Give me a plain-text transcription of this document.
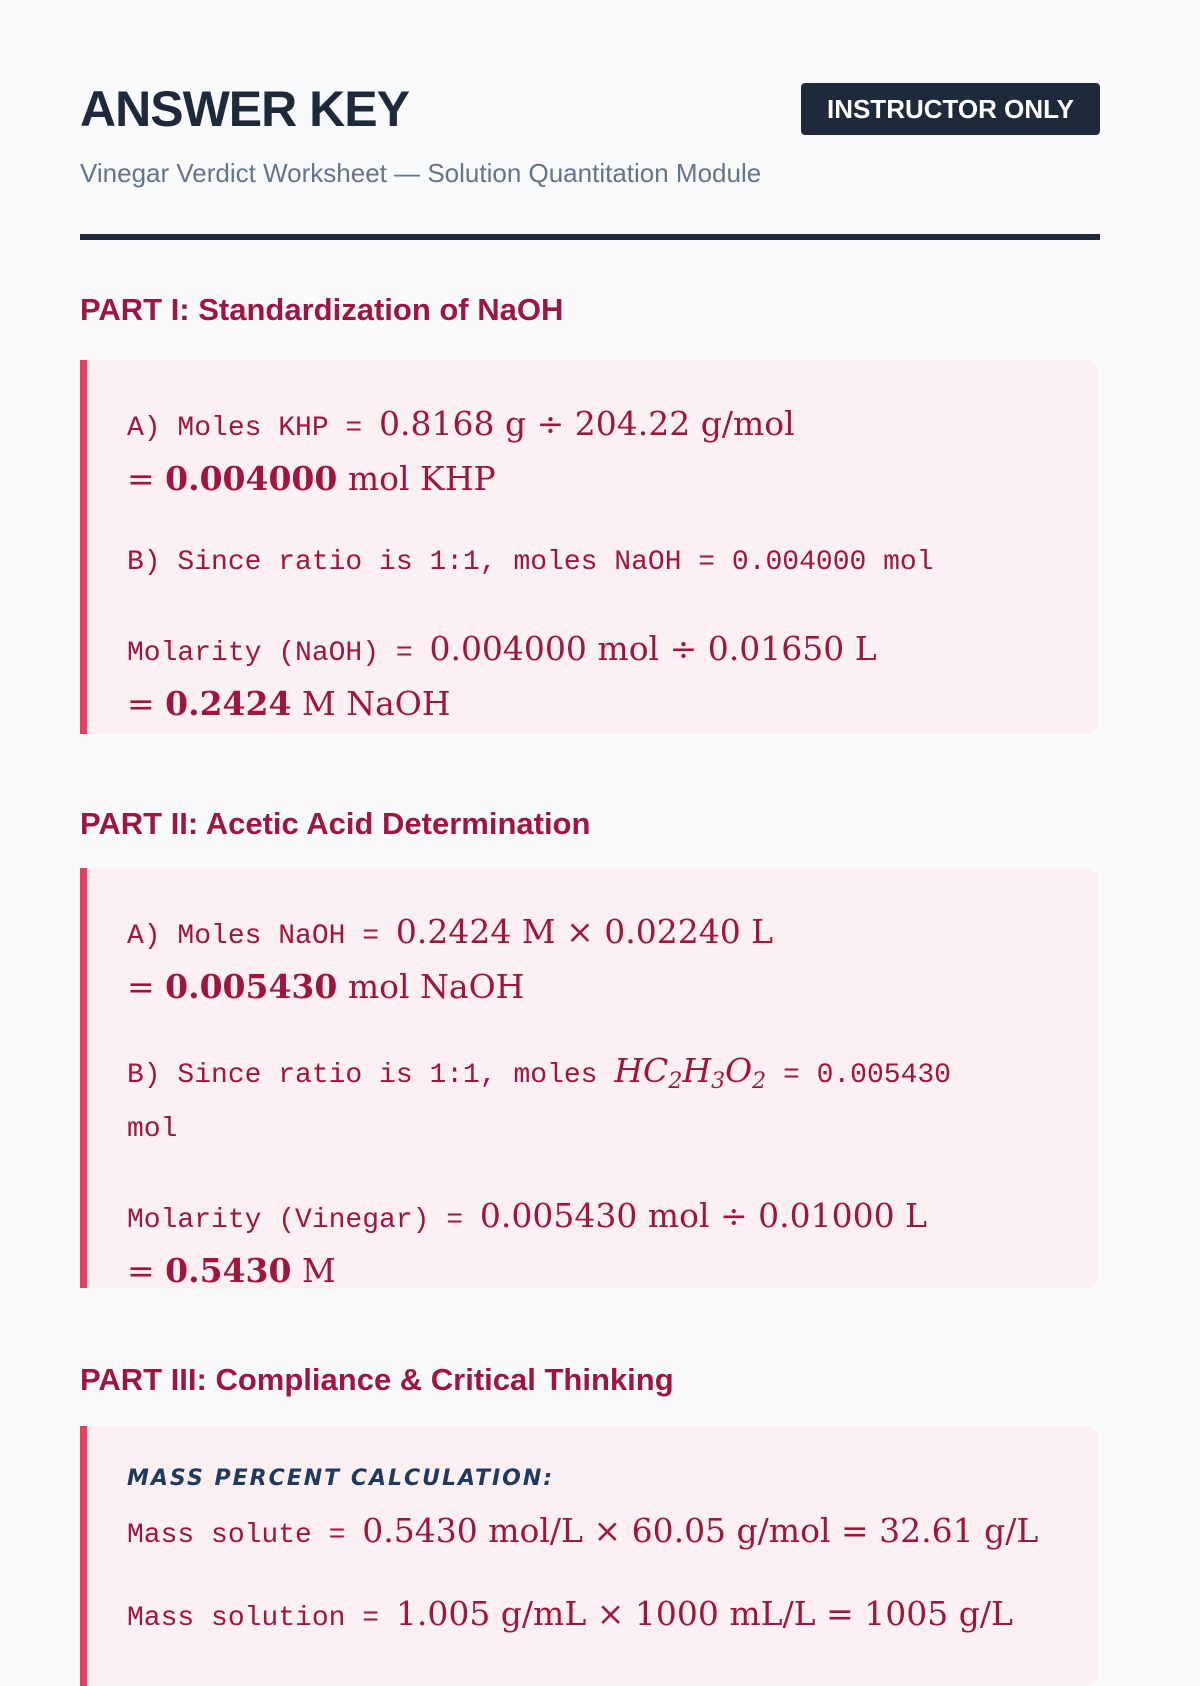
ANSWER KEY	INSTRUCTOR ONLY
Vinegar Verdict Worksheet — Solution Quantitation Module
PART I: Standardization of NaOH
A) Moles KHP = 0.8168 g ÷ 204.22 g/mol
= 0.004000 mol KHP
B) Since ratio is 1:1, moles NaOH = 0.004000 mol
Molarity (NaOH) = 0.004000 mol ÷ 0.01650 L
= 0.2424 M NaOH
PART II: Acetic Acid Determination
A) Moles NaOH = 0.2424 M × 0.02240 L
= 0.005430 mol NaOH
B) Since ratio is 1:1, moles $HC_2H_3O_2 = 0.005430$
mol
Molarity (Vinegar) = 0.005430 mol ÷ 0.01000 L
= 0.5430 M
PART III: Compliance & Critical Thinking
MASS PERCENT CALCULATION:
Mass solute = 0.5430 mol/L × 60.05 g/mol = 32.61 g/L
Mass solution = 1.005 g/mL × 1000 mL/L = 1005 g/L
